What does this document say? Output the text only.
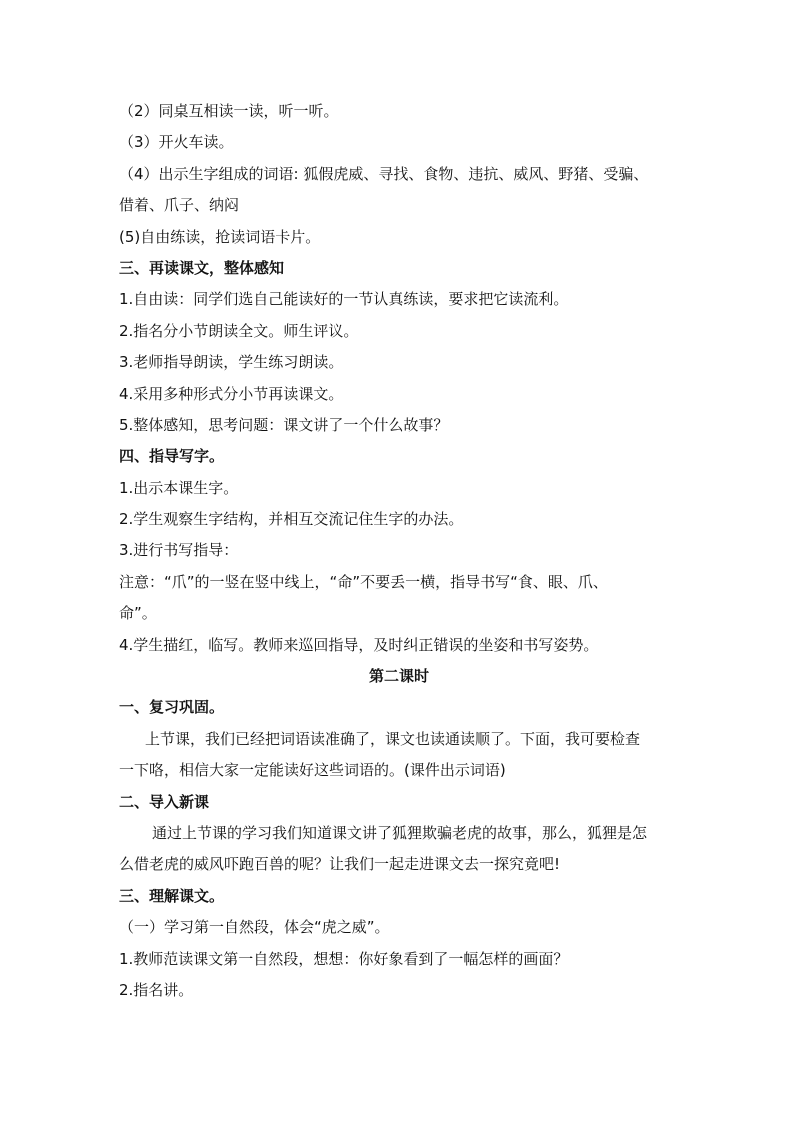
（2）同桌互相读一读，听一听。
（3）开火车读。
（4）出示生字组成的词语: 狐假虎威、寻找、食物、违抗、威风、野猪、受骗、
借着、爪子、纳闷
(5)自由练读，抢读词语卡片。
三、再读课文，整体感知
1.自由读：同学们选自己能读好的一节认真练读，要求把它读流利。
2.指名分小节朗读全文。师生评议。
3.老师指导朗读，学生练习朗读。
4.采用多种形式分小节再读课文。
5.整体感知，思考问题：课文讲了一个什么故事？
四、指导写字。
1.出示本课生字。
2.学生观察生字结构，并相互交流记住生字的办法。
3.进行书写指导：
注意：“爪”的一竖在竖中线上，“命”不要丢一横，指导书写“食、眼、爪、
命”。
4.学生描红，临写。教师来巡回指导，及时纠正错误的坐姿和书写姿势。
第二课时
一、复习巩固。
上节课，我们已经把词语读准确了，课文也读通读顺了。下面，我可要检查
一下咯，相信大家一定能读好这些词语的。(课件出示词语)
二、导入新课
通过上节课的学习我们知道课文讲了狐狸欺骗老虎的故事，那么，狐狸是怎
么借老虎的威风吓跑百兽的呢？让我们一起走进课文去一探究竟吧!
三、理解课文。
（一）学习第一自然段，体会“虎之威”。
1.教师范读课文第一自然段，想想：你好象看到了一幅怎样的画面？
2.指名讲。
